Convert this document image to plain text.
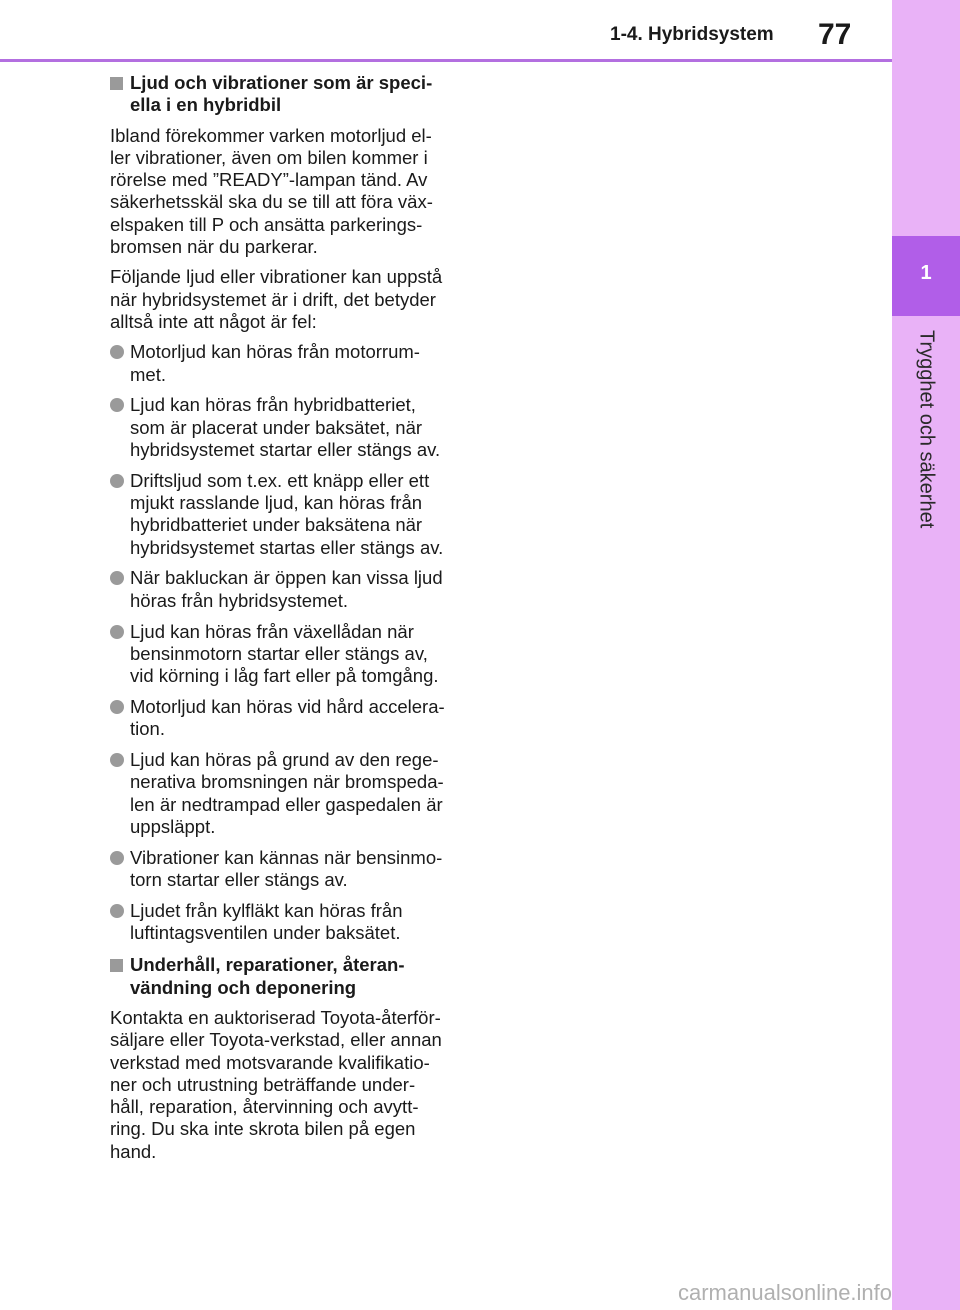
1-4. Hybridsystem 77
1
Trygghet och säkerhet
Ljud och vibrationer som är speci-
ella i en hybridbil

Ibland förekommer varken motorljud el-
ler vibrationer, även om bilen kommer i
rörelse med ”READY”-lampan tänd. Av
säkerhetsskäl ska du se till att föra väx-
elspaken till P och ansätta parkerings-
bromsen när du parkerar.

Följande ljud eller vibrationer kan uppstå
när hybridsystemet är i drift, det betyder
alltså inte att något är fel:

Motorljud kan höras från motorrum-
met.
Ljud kan höras från hybridbatteriet,
som är placerat under baksätet, när
hybridsystemet startar eller stängs av.
Driftsljud som t.ex. ett knäpp eller ett
mjukt rasslande ljud, kan höras från
hybridbatteriet under baksätena när
hybridsystemet startas eller stängs av.
När bakluckan är öppen kan vissa ljud
höras från hybridsystemet.
Ljud kan höras från växellådan när
bensinmotorn startar eller stängs av,
vid körning i låg fart eller på tomgång.
Motorljud kan höras vid hård accelera-
tion.
Ljud kan höras på grund av den rege-
nerativa bromsningen när bromspeda-
len är nedtrampad eller gaspedalen är
uppsläppt.
Vibrationer kan kännas när bensinmo-
torn startar eller stängs av.
Ljudet från kylfläkt kan höras från
luftintagsventilen under baksätet.
Underhåll, reparationer, återan-
vändning och deponering

Kontakta en auktoriserad Toyota-återför-
säljare eller Toyota-verkstad, eller annan
verkstad med motsvarande kvalifikatio-
ner och utrustning beträffande under-
håll, reparation, återvinning och avytt-
ring. Du ska inte skrota bilen på egen
hand.

carmanualsonline.info
